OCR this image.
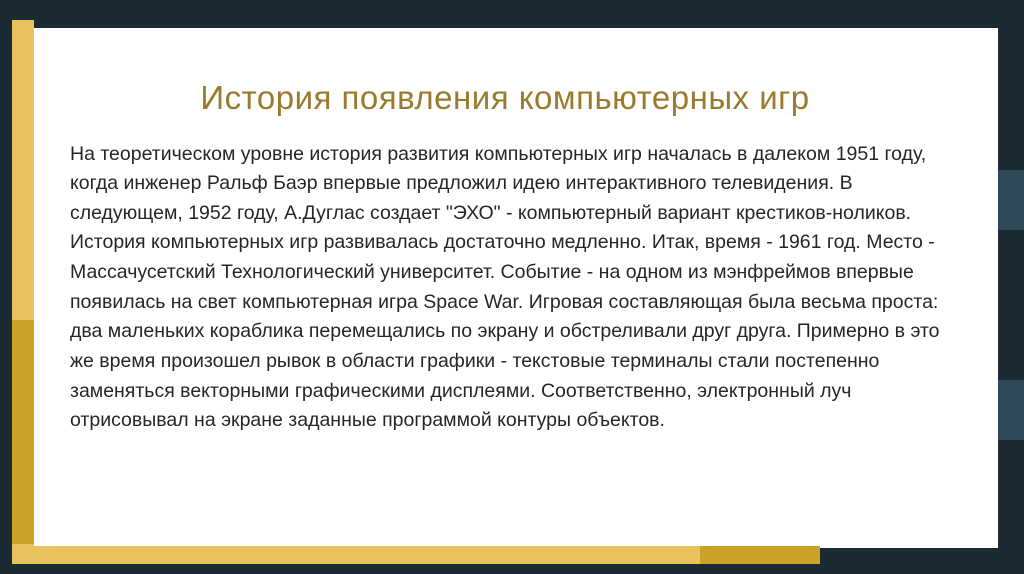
История появления компьютерных игр

На теоретическом уровне история развития компьютерных игр началась в далеком 1951 году, когда инженер Ральф Баэр впервые предложил идею интерактивного телевидения. В следующем, 1952 году, А.Дуглас создает "ЭХО" - компьютерный вариант крестиков-ноликов. История компьютерных игр развивалась достаточно медленно. Итак, время - 1961 год. Место - Массачусетский Технологический университет. Событие - на одном из мэнфреймов впервые появилась на свет компьютерная игра Space War. Игровая составляющая была весьма проста: два маленьких кораблика перемещались по экрану и обстреливали друг друга. Примерно в это же время произошел рывок в области графики - текстовые терминалы стали постепенно заменяться векторными графическими дисплеями. Соответственно, электронный луч отрисовывал на экране заданные программой контуры объектов.
